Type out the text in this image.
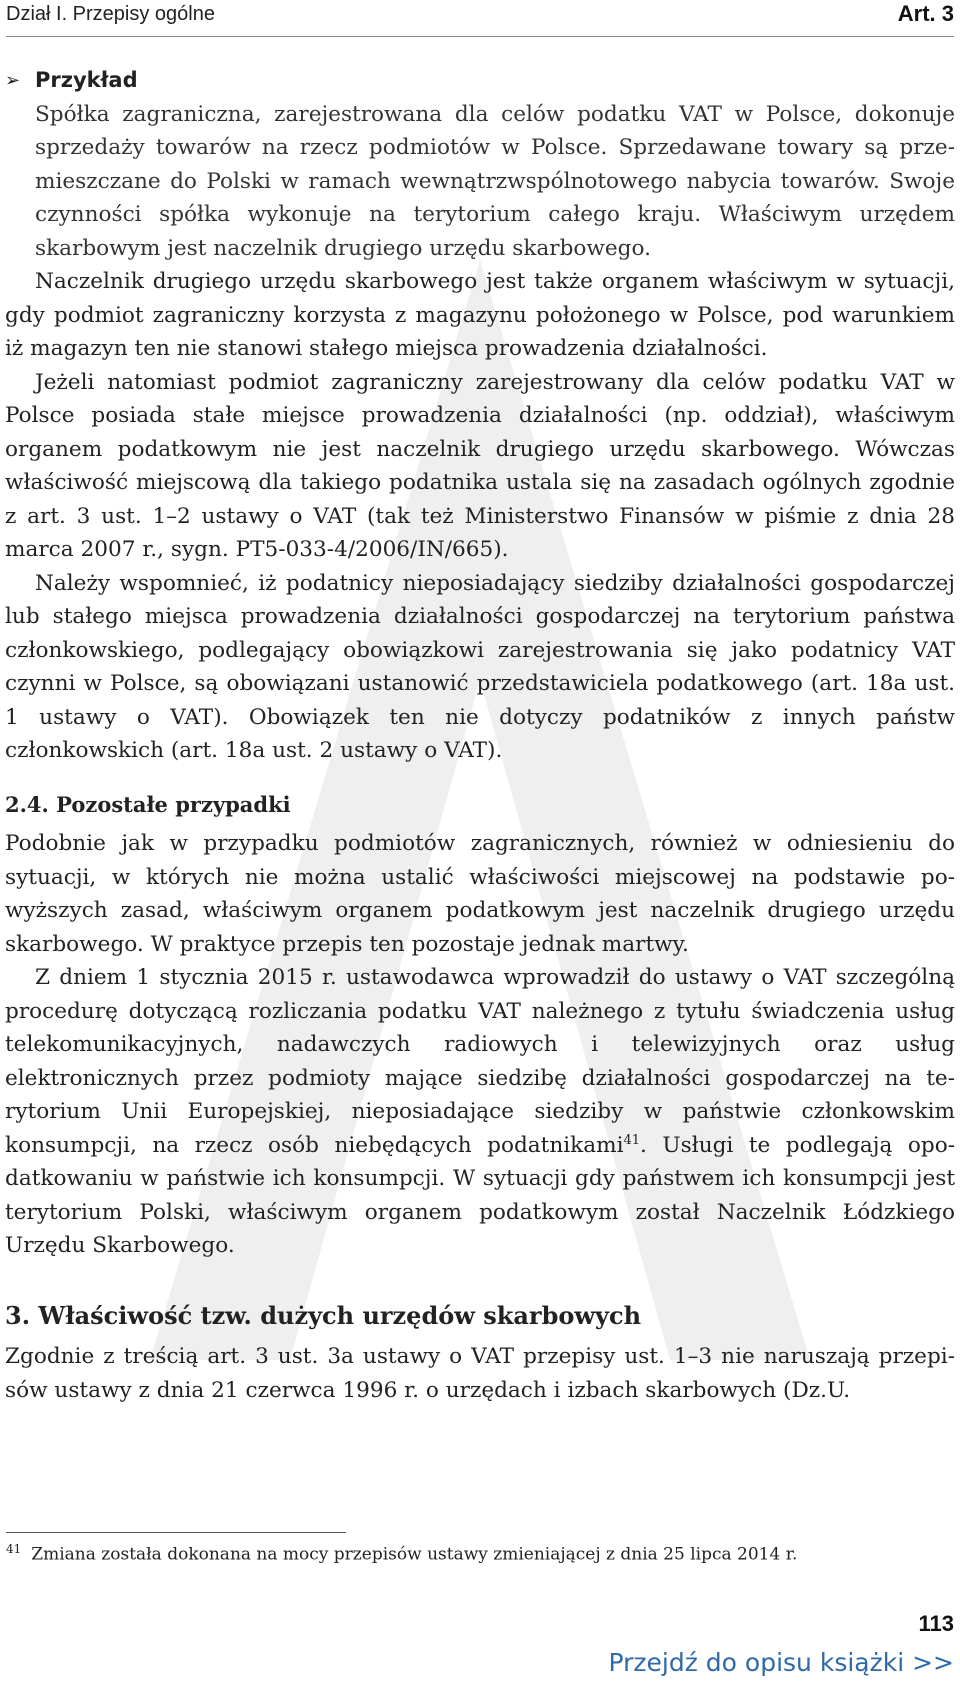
Dział I. Przepisy ogólne	Art. 3
➢ Przykład

Spółka zagraniczna, zarejestrowana dla celów podatku VAT w Polsce, dokonuje sprzedaży towarów na rzecz podmiotów w Polsce. Sprzedawane towary są przemieszczane do Polski w ramach wewnątrzwspólnotowego nabycia towarów. Swoje czynności spółka wykonuje na terytorium całego kraju. Właściwym urzędem skarbowym jest naczelnik drugiego urzędu skarbowego.

Naczelnik drugiego urzędu skarbowego jest także organem właściwym w sytuacji, gdy podmiot zagraniczny korzysta z magazynu położonego w Polsce, pod warunkiem iż magazyn ten nie stanowi stałego miejsca prowadzenia działalności.

Jeżeli natomiast podmiot zagraniczny zarejestrowany dla celów podatku VAT w Polsce posiada stałe miejsce prowadzenia działalności (np. oddział), właściwym organem podatkowym nie jest naczelnik drugiego urzędu skarbowego. Wówczas właściwość miejscową dla takiego podatnika ustala się na zasadach ogólnych zgodnie z art. 3 ust. 1–2 ustawy o VAT (tak też Ministerstwo Finansów w piśmie z dnia 28 marca 2007 r., sygn. PT5-033-4/2006/IN/665).

Należy wspomnieć, iż podatnicy nieposiadający siedziby działalności gospodarczej lub stałego miejsca prowadzenia działalności gospodarczej na terytorium państwa członkowskiego, podlegający obowiązkowi zarejestrowania się jako podatnicy VAT czynni w Polsce, są obowiązani ustanowić przedstawiciela podatkowego (art. 18a ust. 1 ustawy o VAT). Obowiązek ten nie dotyczy podatników z innych państw członkowskich (art. 18a ust. 2 ustawy o VAT).

2.4. Pozostałe przypadki

Podobnie jak w przypadku podmiotów zagranicznych, również w odniesieniu do sytuacji, w których nie można ustalić właściwości miejscowej na podstawie powyższych zasad, właściwym organem podatkowym jest naczelnik drugiego urzędu skarbowego. W praktyce przepis ten pozostaje jednak martwy.

Z dniem 1 stycznia 2015 r. ustawodawca wprowadził do ustawy o VAT szczególną procedurę dotyczącą rozliczania podatku VAT należnego z tytułu świadczenia usług telekomunikacyjnych, nadawczych radiowych i telewizyjnych oraz usług elektronicznych przez podmioty mające siedzibę działalności gospodarczej na terytorium Unii Europejskiej, nieposiadające siedziby w państwie członkowskim konsumpcji, na rzecz osób niebędących podatnikami$^{41}$. Usługi te podlegają opodatkowaniu w państwie ich konsumpcji. W sytuacji gdy państwem ich konsumpcji jest terytorium Polski, właściwym organem podatkowym został Naczelnik Łódzkiego Urzędu Skarbowego.

3. Właściwość tzw. dużych urzędów skarbowych

Zgodnie z treścią art. 3 ust. 3a ustawy o VAT przepisy ust. 1–3 nie naruszają przepisów ustawy z dnia 21 czerwca 1996 r. o urzędach i izbach skarbowych (Dz.U.

$^{41}$ Zmiana została dokonana na mocy przepisów ustawy zmieniającej z dnia 25 lipca 2014 r.
113
Przejdź do opisu książki >>
